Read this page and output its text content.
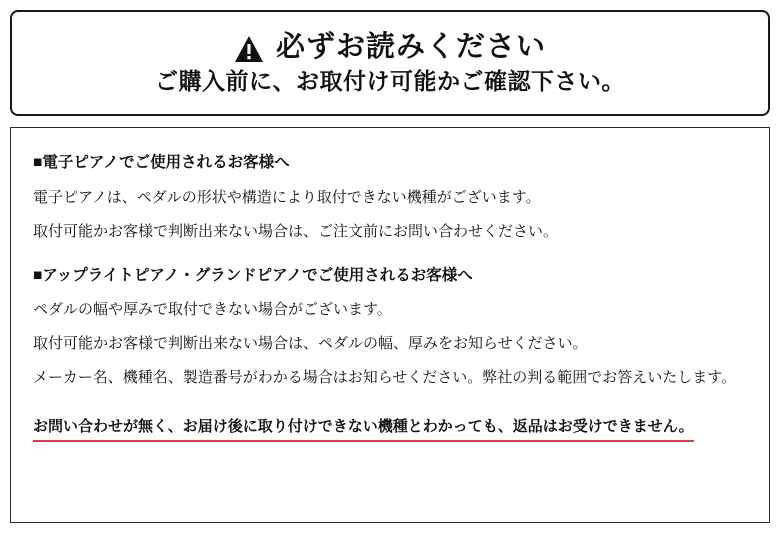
必ずお読みください
ご購入前に、お取付け可能かご確認下さい。
■電子ピアノでご使用されるお客様へ

電子ピアノは、ペダルの形状や構造により取付できない機種がございます。

取付可能かお客様で判断出来ない場合は、ご注文前にお問い合わせください。

■アップライトピアノ・グランドピアノでご使用されるお客様へ

ペダルの幅や厚みで取付できない場合がございます。

取付可能かお客様で判断出来ない場合は、ペダルの幅、厚みをお知らせください。

メーカー名、機種名、製造番号がわかる場合はお知らせください。弊社の判る範囲でお答えいたします。

お問い合わせが無く、お届け後に取り付けできない機種とわかっても、返品はお受けできません。
